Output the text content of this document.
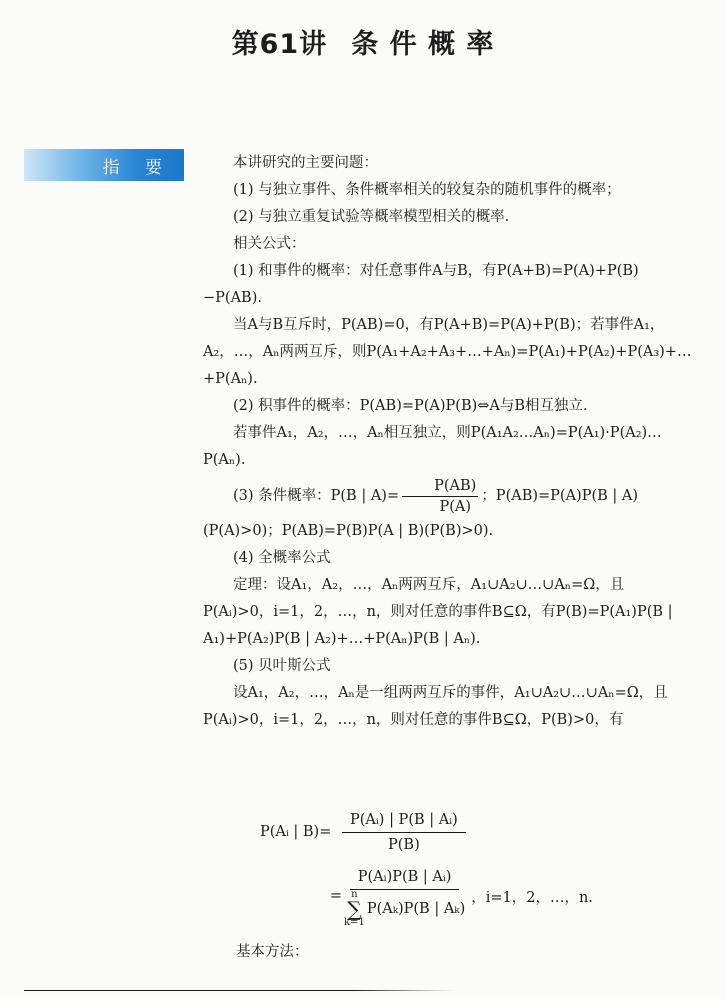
第61讲 条 件 概 率
指 要	本讲研究的主要问题：

(1) 与独立事件、条件概率相关的较复杂的随机事件的概率；

(2) 与独立重复试验等概率模型相关的概率.

相关公式：

(1) 和事件的概率：对任意事件A与B，有P(A+B)=P(A)+P(B)−P(AB).

当A与B互斥时，P(AB)=0，有P(A+B)=P(A)+P(B)；若事件A₁，A₂，…，Aₙ两两互斥，则P(A₁+A₂+A₃+…+Aₙ)=P(A₁)+P(A₂)+P(A₃)+…+P(Aₙ).

(2) 积事件的概率：P(AB)=P(A)P(B)⇔A与B相互独立.

若事件A₁，A₂，…，Aₙ相互独立，则P(A₁A₂…Aₙ)=P(A₁)·P(A₂)…P(Aₙ).

(3) 条件概率：P(B | $A)= \frac{P(AB)}{P(A)}$ ；P(AB)=P(A)P(B | A)

(P(A)>0)；P(AB)=P(B)P(A | B)(P(B)>0).

(4) 全概率公式

定理：设A₁，A₂，…，Aₙ两两互斥，A₁∪A₂∪…∪Aₙ=Ω，且P(Aᵢ)>0，i=1，2，…，n，则对任意的事件B⊆Ω，有P(B)=P(A₁)P(B | A₁)+P(A₂)P(B | A₂)+…+P(Aₙ)P(B | Aₙ).

(5) 贝叶斯公式

设A₁，A₂，…，Aₙ是一组两两互斥的事件，A₁∪A₂∪…∪Aₙ=Ω，且P(Aᵢ)>0，i=1，2，…，n，则对任意的事件B⊆Ω，P(B)>0，有

P(Aᵢ | $B)= \frac{\text{P(Aᵢ) | P(B | Aᵢ)}}{P(B)}$
= P(Aᵢ)P(B | Aᵢ)
n
∑
k=1
P(Aₖ)P(B | Aₖ) ，i=1，2，…，n.
基本方法：
